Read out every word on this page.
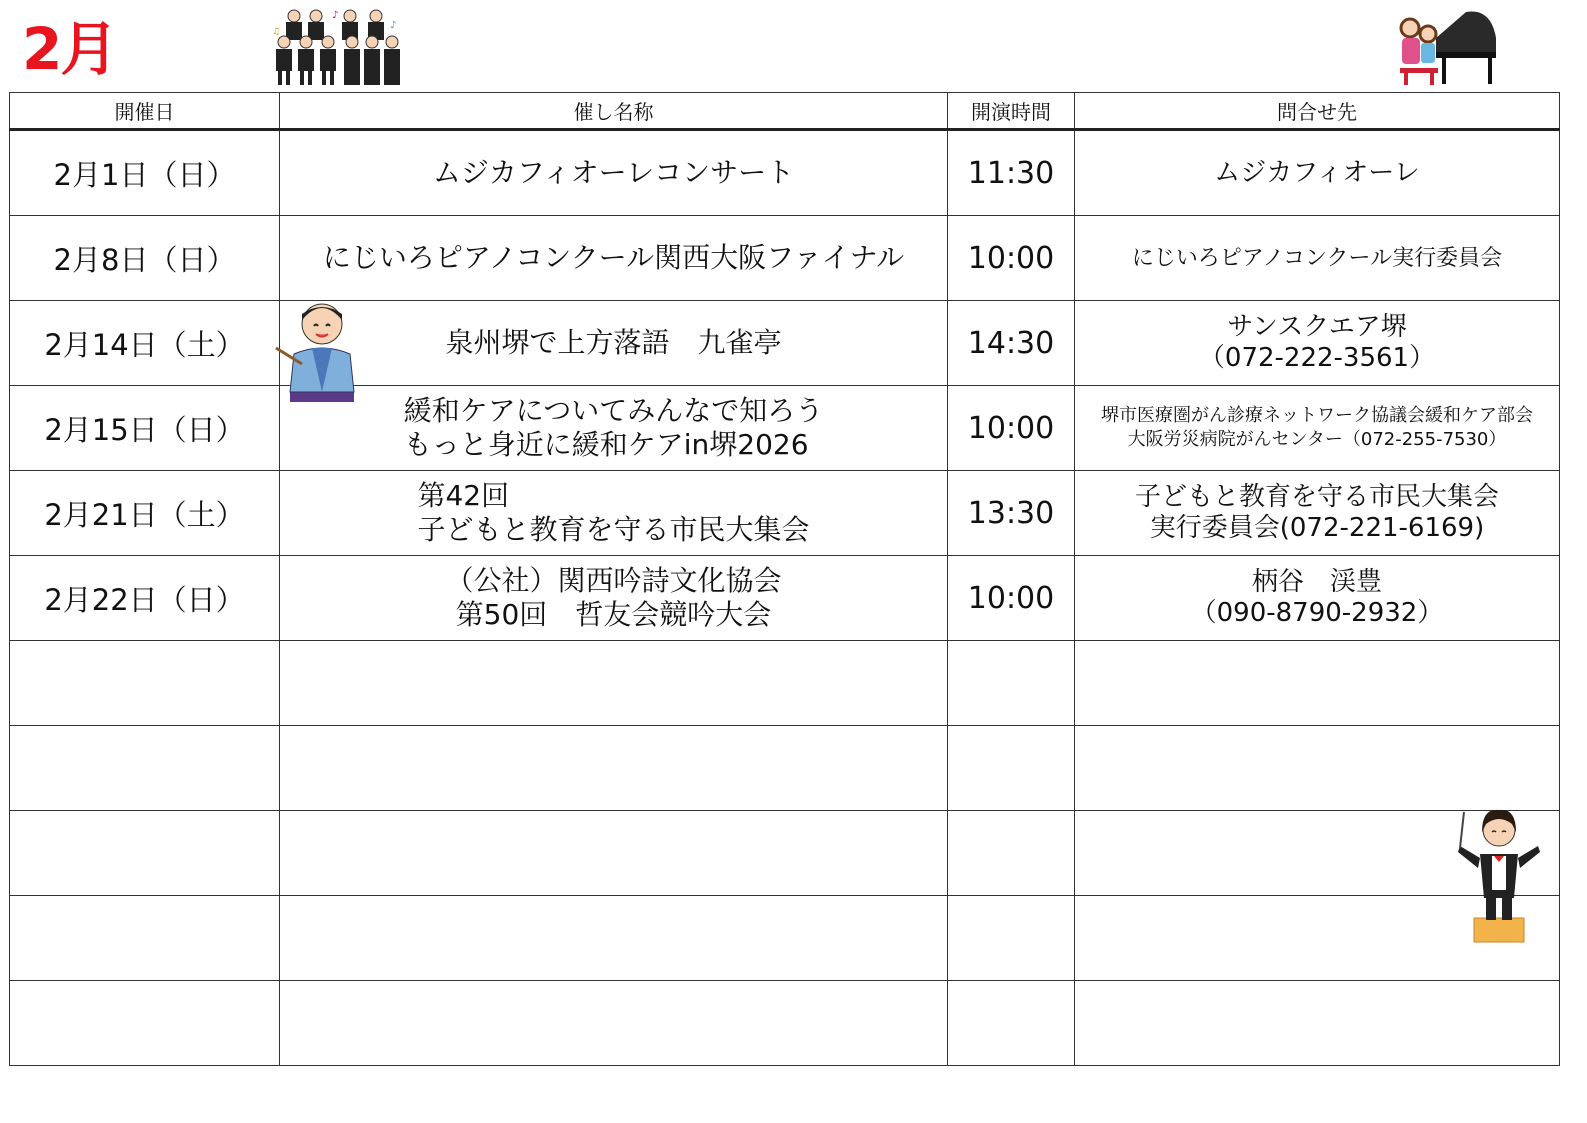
2月	♪
♪
♫
開催日	催し名称	開演時間	問合せ先
2月1日（日）	ムジカフィオーレコンサート	11:30	ムジカフィオーレ

2月8日（日）	にじいろピアノコンクール関西大阪ファイナル	10:00	にじいろピアノコンクール実行委員会

2月14日（土）	泉州堺で上方落語　九雀亭	14:30	サンスクエア堺
（072-222-3561）

2月15日（日）	緩和ケアについてみんなで知ろう
もっと身近に緩和ケアin堺2026	10:00	堺市医療圏がん診療ネットワーク協議会緩和ケア部会
大阪労災病院がんセンター（072-255-7530）

2月21日（土）	第42回
子どもと教育を守る市民大集会	13:30	子どもと教育を守る市民大集会
実行委員会(072-221-6169)

2月22日（日）	（公社）関西吟詩文化協会
第50回　哲友会競吟大会	10:00	柄谷　渓豊
（090-8790-2932）
